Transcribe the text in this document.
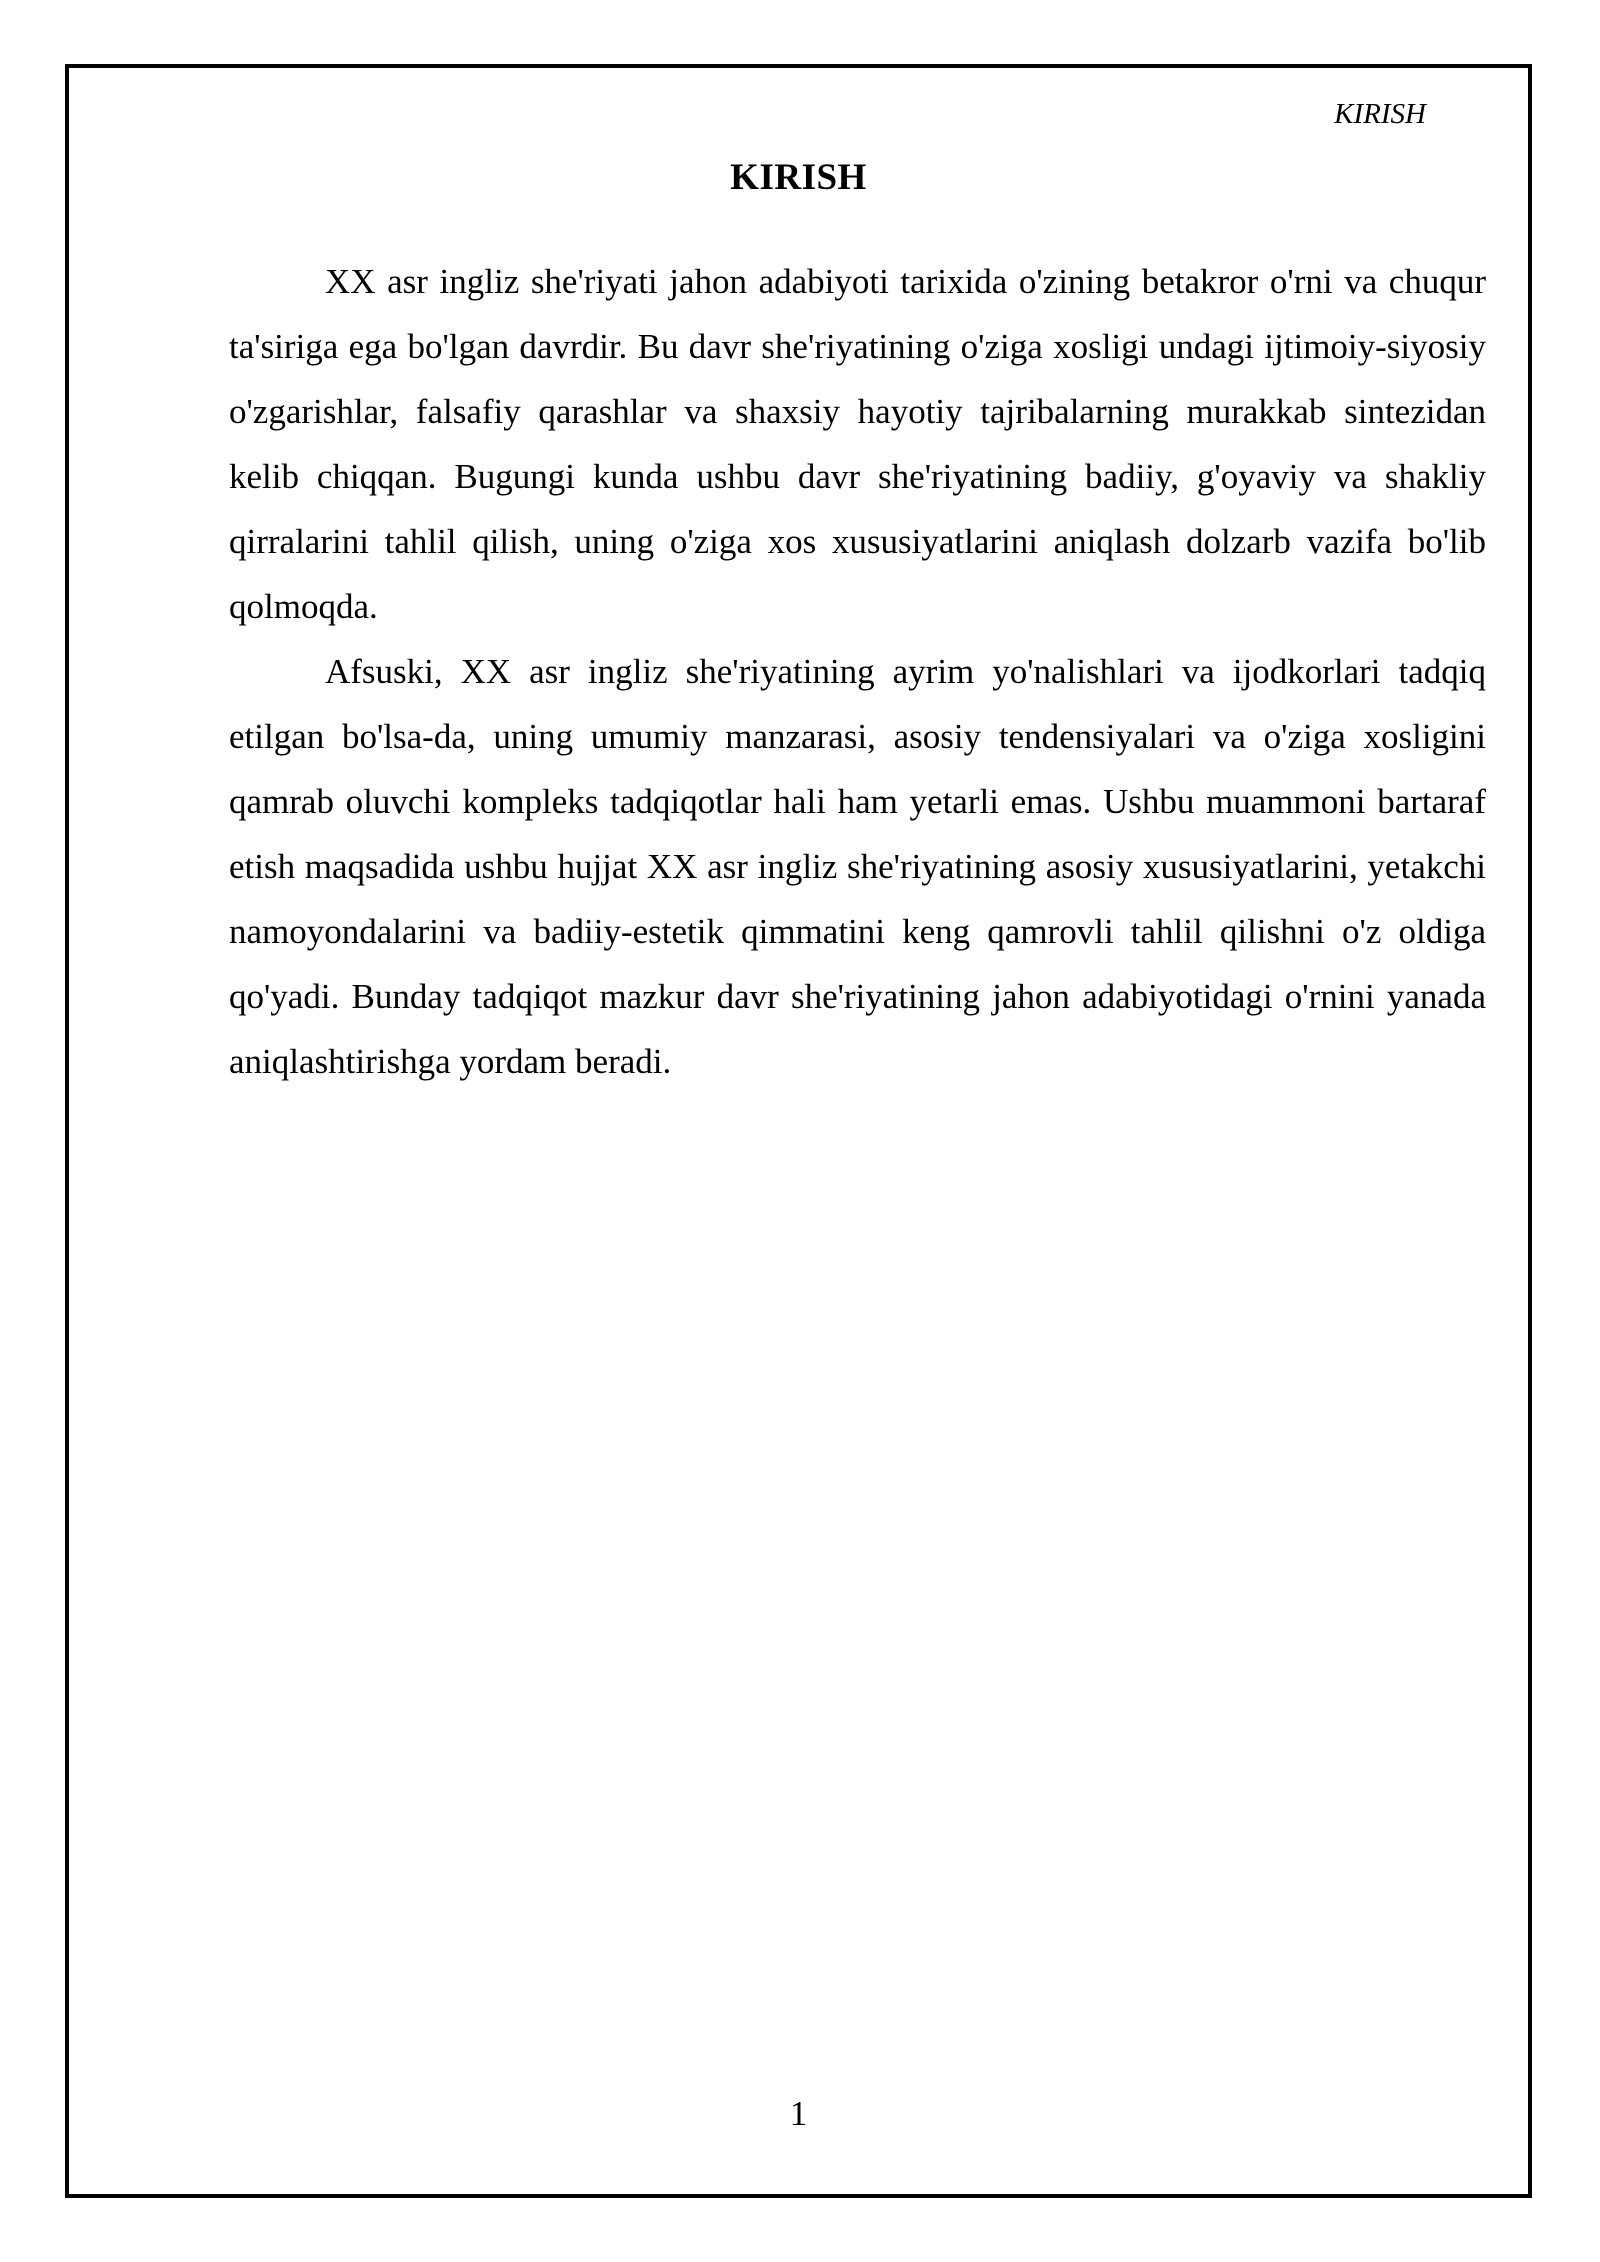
KIRISH
KIRISH

XX asr ingliz she'riyati jahon adabiyoti tarixida o'zining betakror o'rni va chuqur ta'siriga ega bo'lgan davrdir. Bu davr she'riyatining o'ziga xosligi undagi ijtimoiy-siyosiy o'zgarishlar, falsafiy qarashlar va shaxsiy hayotiy tajribalarning murakkab sintezidan kelib chiqqan. Bugungi kunda ushbu davr she'riyatining badiiy, g'oyaviy va shakliy qirralarini tahlil qilish, uning o'ziga xos xususiyatlarini aniqlash dolzarb vazifa bo'lib qolmoqda.

Afsuski, XX asr ingliz she'riyatining ayrim yo'nalishlari va ijodkorlari tadqiq etilgan bo'lsa-da, uning umumiy manzarasi, asosiy tendensiyalari va o'ziga xosligini qamrab oluvchi kompleks tadqiqotlar hali ham yetarli emas. Ushbu muammoni bartaraf etish maqsadida ushbu hujjat XX asr ingliz she'riyatining asosiy xususiyatlarini, yetakchi namoyondalarini va badiiy-estetik qimmatini keng qamrovli tahlil qilishni o'z oldiga qo'yadi. Bunday tadqiqot mazkur davr she'riyatining jahon adabiyotidagi o'rnini yanada aniqlashtirishga yordam beradi.

1
